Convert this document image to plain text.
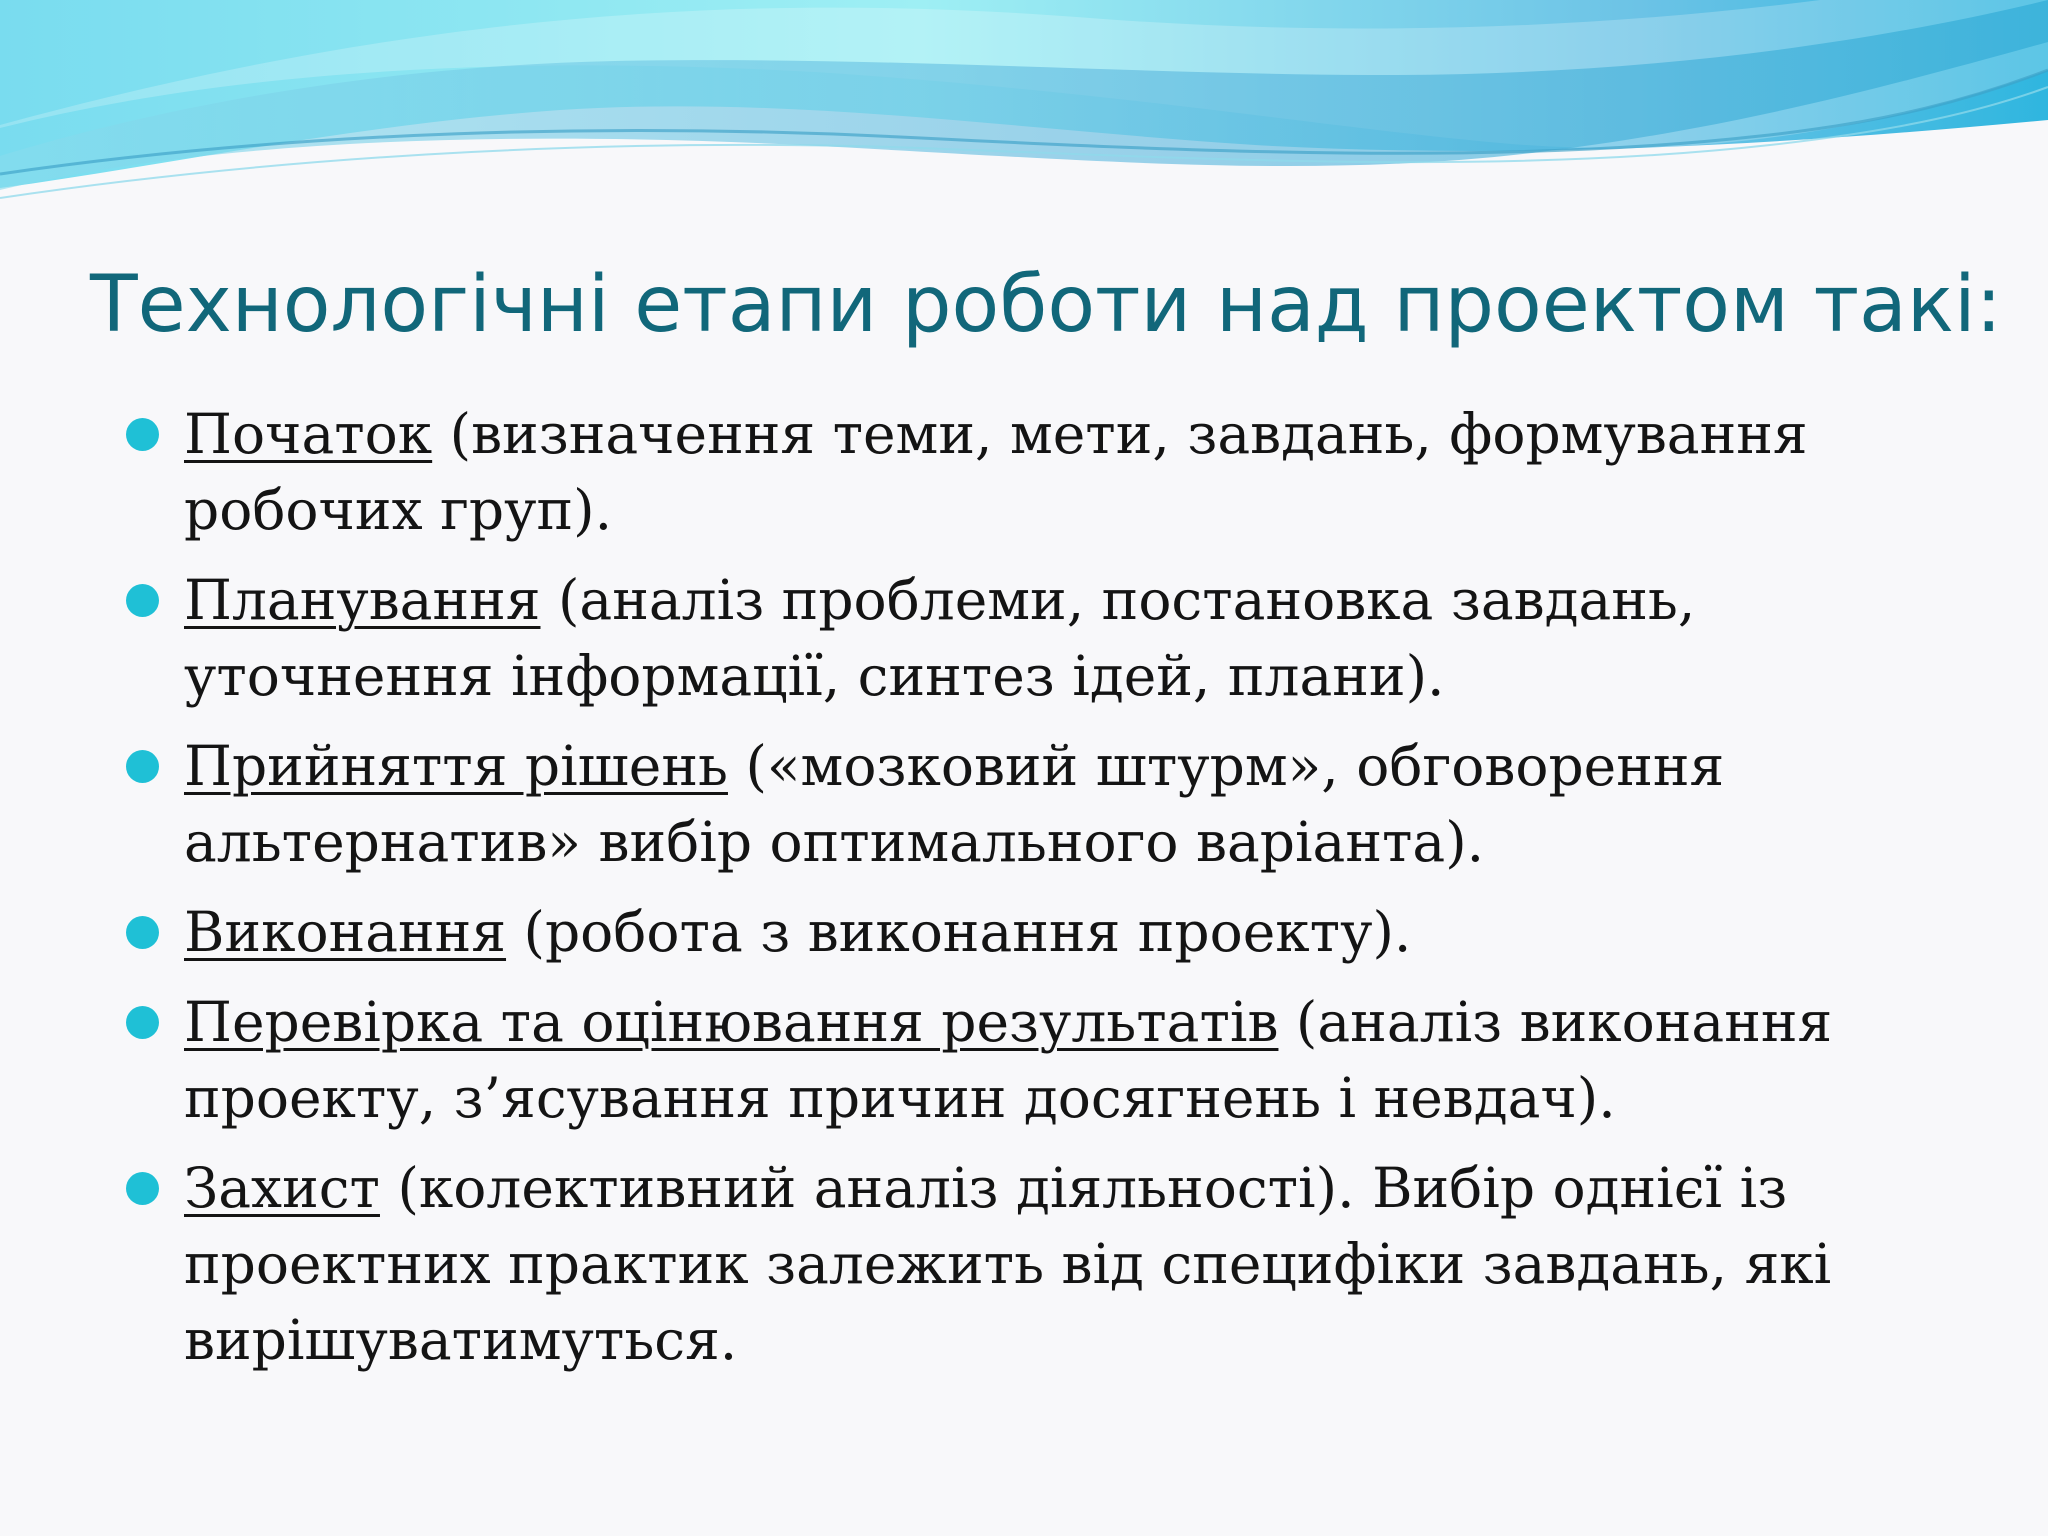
Технологічні етапи роботи над проектом такі:
Початок (визначення теми, мети, завдань, формування робочих груп).
Планування (аналіз проблеми, постановка завдань, уточнення інформації, синтез ідей, плани).
Прийняття рішень («мозковий штурм», обговорення альтернатив» вибір оптимального варіанта).
Виконання (робота з виконання проекту).
Перевірка та оцінювання результатів (аналіз виконання проекту, з’ясування причин досягнень і невдач).
Захист (колективний аналіз діяльності). Вибір однієї із проектних практик залежить від специфіки завдань, які вирішуватимуться.
